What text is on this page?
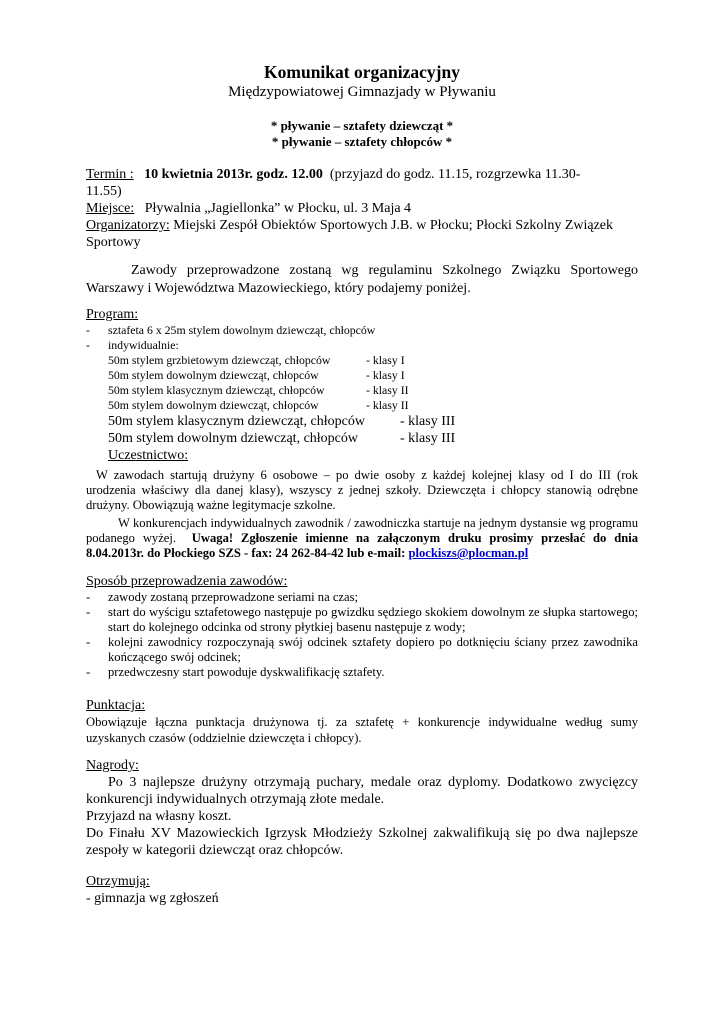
Komunikat organizacyjny
Międzypowiatowej Gimnazjady w Pływaniu
* pływanie – sztafety dziewcząt *
* pływanie – sztafety chłopców *
Termin : 10 kwietnia 2013r. godz. 12.00 (przyjazd do godz. 11.15, rozgrzewka 11.30-
11.55)
Miejsce: Pływalnia „Jagiellonka” w Płocku, ul. 3 Maja 4
Organizatorzy: Miejski Zespół Obiektów Sportowych J.B. w Płocku; Płocki Szkolny Związek
Sportowy
Zawody przeprowadzone zostaną wg regulaminu Szkolnego Związku Sportowego Warszawy i Województwa Mazowieckiego, który podajemy poniżej.
Program:
- sztafeta 6 x 25m stylem dowolnym dziewcząt, chłopców
- indywidualnie:
50m stylem grzbietowym dziewcząt, chłopców	- klasy I
50m stylem dowolnym dziewcząt, chłopców	- klasy I
50m stylem klasycznym dziewcząt, chłopców	- klasy II
50m stylem dowolnym dziewcząt, chłopców	- klasy II
50m stylem klasycznym dziewcząt, chłopców	- klasy III
50m stylem dowolnym dziewcząt, chłopców	- klasy III
Uczestnictwo:
W zawodach startują drużyny 6 osobowe – po dwie osoby z każdej kolejnej klasy od I do III (rok urodzenia właściwy dla danej klasy), wszyscy z jednej szkoły. Dziewczęta i chłopcy stanowią odrębne drużyny. Obowiązują ważne legitymacje szkolne.
W konkurencjach indywidualnych zawodnik / zawodniczka startuje na jednym dystansie wg programu podanego wyżej. Uwaga! Zgłoszenie imienne na załączonym druku prosimy przesłać do dnia 8.04.2013r. do Płockiego SZS - fax: 24 262-84-42 lub e-mail: plockiszs@plocman.pl
Sposób przeprowadzenia zawodów:
- zawody zostaną przeprowadzone seriami na czas;
- start do wyścigu sztafetowego następuje po gwizdku sędziego skokiem dowolnym ze słupka startowego; start do kolejnego odcinka od strony płytkiej basenu następuje z wody;
- kolejni zawodnicy rozpoczynają swój odcinek sztafety dopiero po dotknięciu ściany przez zawodnika kończącego swój odcinek;
- przedwczesny start powoduje dyskwalifikację sztafety.
Punktacja:
Obowiązuje łączna punktacja drużynowa tj. za sztafetę + konkurencje indywidualne według sumy uzyskanych czasów (oddzielnie dziewczęta i chłopcy).
Nagrody:
Po 3 najlepsze drużyny otrzymają puchary, medale oraz dyplomy. Dodatkowo zwycięzcy konkurencji indywidualnych otrzymają złote medale.
Przyjazd na własny koszt.
Do Finału XV Mazowieckich Igrzysk Młodzieży Szkolnej zakwalifikują się po dwa najlepsze zespoły w kategorii dziewcząt oraz chłopców.
Otrzymują:
- gimnazja wg zgłoszeń
